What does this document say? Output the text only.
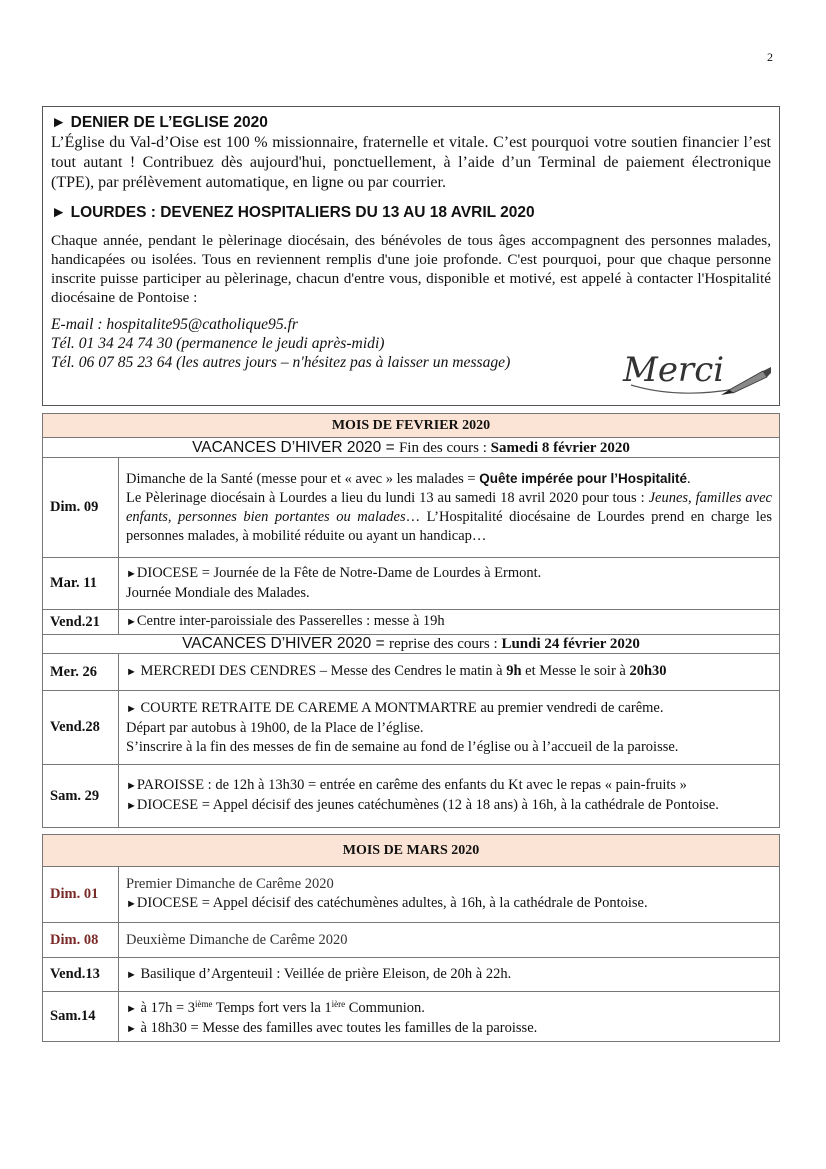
2

► DENIER DE L’EGLISE 2020

L’Église du Val-d’Oise est 100 % missionnaire, fraternelle et vitale. C’est pourquoi votre soutien financier l’est tout autant ! Contribuez dès aujourd'hui, ponctuellement, à l’aide d’un Terminal de paiement électronique (TPE), par prélèvement automatique, en ligne ou par courrier.

► LOURDES : DEVENEZ HOSPITALIERS DU 13 AU 18 AVRIL 2020

Chaque année, pendant le pèlerinage diocésain, des bénévoles de tous âges accompagnent des personnes malades, handicapées ou isolées. Tous en reviennent remplis d'une joie profonde. C'est pourquoi, pour que chaque personne inscrite puisse participer au pèlerinage, chacun d'entre vous, disponible et motivé, est appelé à contacter l'Hospitalité diocésaine de Pontoise :

E-mail : hospitalite95@catholique95.fr
Tél. 01 34 24 74 30 (permanence le jeudi après-midi)
Tél. 06 07 85 23 64 (les autres jours – n'hésitez pas à laisser un message)	Merci
MOIS DE FEVRIER 2020	
VACANCES D’HIVER 2020 = Fin des cours : Samedi 8 février 2020	
Dim. 09	Dimanche de la Santé (messe pour et « avec » les malades = Quête impérée pour l’Hospitalité.
Le Pèlerinage diocésain à Lourdes a lieu du lundi 13 au samedi 18 avril 2020 pour tous : Jeunes, familles avec enfants, personnes bien portantes ou malades… L’Hospitalité diocésaine de Lourdes prend en charge les personnes malades, à mobilité réduite ou ayant un handicap…
Mar. 11	►DIOCESE = Journée de la Fête de Notre-Dame de Lourdes à Ermont.
Journée Mondiale des Malades.
Vend.21	►Centre inter-paroissiale des Passerelles : messe à 19h
VACANCES D’HIVER 2020 = reprise des cours : Lundi 24 février 2020	
Mer. 26	► MERCREDI DES CENDRES – Messe des Cendres le matin à 9h et Messe le soir à 20h30
Vend.28	► COURTE RETRAITE DE CAREME A MONTMARTRE au premier vendredi de carême.
Départ par autobus à 19h00, de la Place de l’église.
S’inscrire à la fin des messes de fin de semaine au fond de l’église ou à l’accueil de la paroisse.
Sam. 29	►PAROISSE : de 12h à 13h30 = entrée en carême des enfants du Kt avec le repas « pain-fruits »
►DIOCESE = Appel décisif des jeunes catéchumènes (12 à 18 ans) à 16h, à la cathédrale de Pontoise.
MOIS DE MARS 2020	
Dim. 01	Premier Dimanche de Carême 2020
►DIOCESE = Appel décisif des catéchumènes adultes, à 16h, à la cathédrale de Pontoise.
Dim. 08	Deuxième Dimanche de Carême 2020
Vend.13	► Basilique d’Argenteuil : Veillée de prière Eleison, de 20h à 22h.
Sam.14	► à 17h = 3ième Temps fort vers la $1^{ière}$ Communion.
► à 18h30 = Messe des familles avec toutes les familles de la paroisse.
